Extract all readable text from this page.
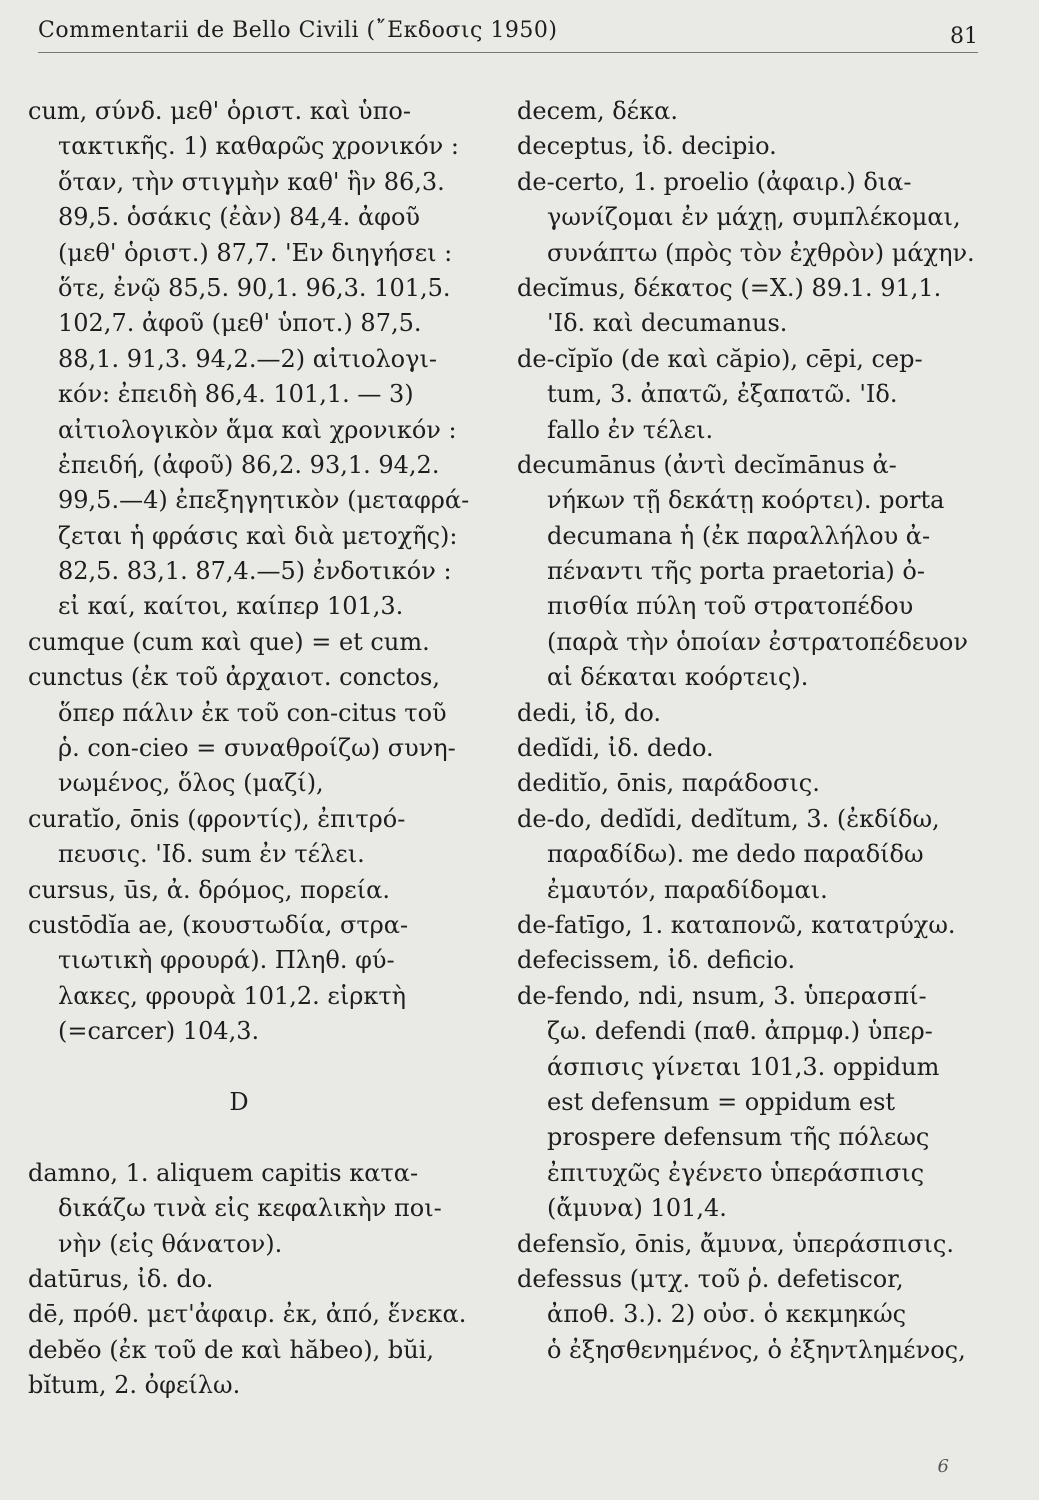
Commentarii de Bello Civili (῎Εκδοσις 1950)	81
cum, σύνδ. μεθ' ὁριστ. καὶ ὑπο-
τακτικῆς. 1) καθαρῶς χρονικόν :
ὅταν, τὴν στιγμὴν καθ' ἣν 86,3.
89,5. ὁσάκις (ἐὰν) 84,4. ἀφοῦ
(μεθ' ὁριστ.) 87,7. 'Εν διηγήσει :
ὅτε, ἐνῷ 85,5. 90,1. 96,3. 101,5.
102,7. ἀφοῦ (μεθ' ὑποτ.) 87,5.
88,1. 91,3. 94,2.—2) αἰτιολογι-
κόν: ἐπειδὴ 86,4. 101,1. — 3)
αἰτιολογικὸν ἅμα καὶ χρονικόν :
ἐπειδή, (ἀφοῦ) 86,2. 93,1. 94,2.
99,5.—4) ἐπεξηγητικὸν (μεταφρά-
ζεται ἡ φράσις καὶ διὰ μετοχῆς):
82,5. 83,1. 87,4.—5) ἐνδοτικόν :
εἰ καί, καίτοι, καίπερ 101,3.
cumque (cum καὶ que) = et cum.
cunctus (ἐκ τοῦ ἀρχαιοτ. conctos,
ὅπερ πάλιν ἐκ τοῦ con-citus τοῦ
ῥ. con-cieo = συναθροίζω) συνη-
νωμένος, ὅλος (μαζί),
curatĭo, ōnis (φροντίς), ἐπιτρό-
πευσις. 'Ιδ. sum ἐν τέλει.
cursus, ūs, ἀ. δρόμος, πορεία.
custōdĭa ae, (κουστωδία, στρα-
τιωτικὴ φρουρά). Πληθ. φύ-
λακες, φρουρὰ 101,2. εἱρκτὴ
(=carcer) 104,3.
D
damno, 1. aliquem capitis κατα-
δικάζω τινὰ εἰς κεφαλικὴν ποι-
νὴν (εἰς θάνατον).
datūrus, ἰδ. do.
dē, πρόθ. μετ'ἀφαιρ. ἐκ, ἀπό, ἕνεκα.
debĕo (ἐκ τοῦ de καὶ hăbeo), bŭi,
bĭtum, 2. ὀφείλω.
decem, δέκα.
deceptus, ἰδ. decipio.
de-certo, 1. proelio (ἀφαιρ.) δια-
γωνίζομαι ἐν μάχῃ, συμπλέκομαι,
συνάπτω (πρὸς τὸν ἐχθρὸν) μάχην.
decĭmus, δέκατος (=X.) 89.1. 91,1.
'Ιδ. καὶ decumanus.
de-cĭpĭo (de καὶ căpio), cēpi, cep-
tum, 3. ἀπατῶ, ἐξαπατῶ. 'Ιδ.
fallo ἐν τέλει.
decumānus (ἀντὶ decĭmānus ἀ-
νήκων τῇ δεκάτῃ κοόρτει). porta
decumana ἡ (ἐκ παραλλήλου ἀ-
πέναντι τῆς porta praetoria) ὀ-
πισθία πύλη τοῦ στρατοπέδου
(παρὰ τὴν ὁποίαν ἐστρατοπέδευον
αἱ δέκαται κοόρτεις).
dedi, ἰδ, do.
dedĭdi, ἰδ. dedo.
deditĭo, ōnis, παράδοσις.
de-do, dedĭdi, dedĭtum, 3. (ἐκδίδω,
παραδίδω). me dedo παραδίδω
ἐμαυτόν, παραδίδομαι.
de-fatīgo, 1. καταπονῶ, κατατρύχω.
defecissem, ἰδ. deficio.
de-fendo, ndi, nsum, 3. ὑπερασπί-
ζω. defendi (παθ. ἀπρμφ.) ὑπερ-
άσπισις γίνεται 101,3. oppidum
est defensum = oppidum est
prospere defensum τῆς πόλεως
ἐπιτυχῶς ἐγένετο ὑπεράσπισις
(ἄμυνα) 101,4.
defensĭo, ōnis, ἄμυνα, ὑπεράσπισις.
defessus (μτχ. τοῦ ῥ. defetiscor,
ἀποθ. 3.). 2) οὐσ. ὁ κεκμηκώς
ὁ ἐξησθενημένος, ὁ ἐξηντλημένος,
6
